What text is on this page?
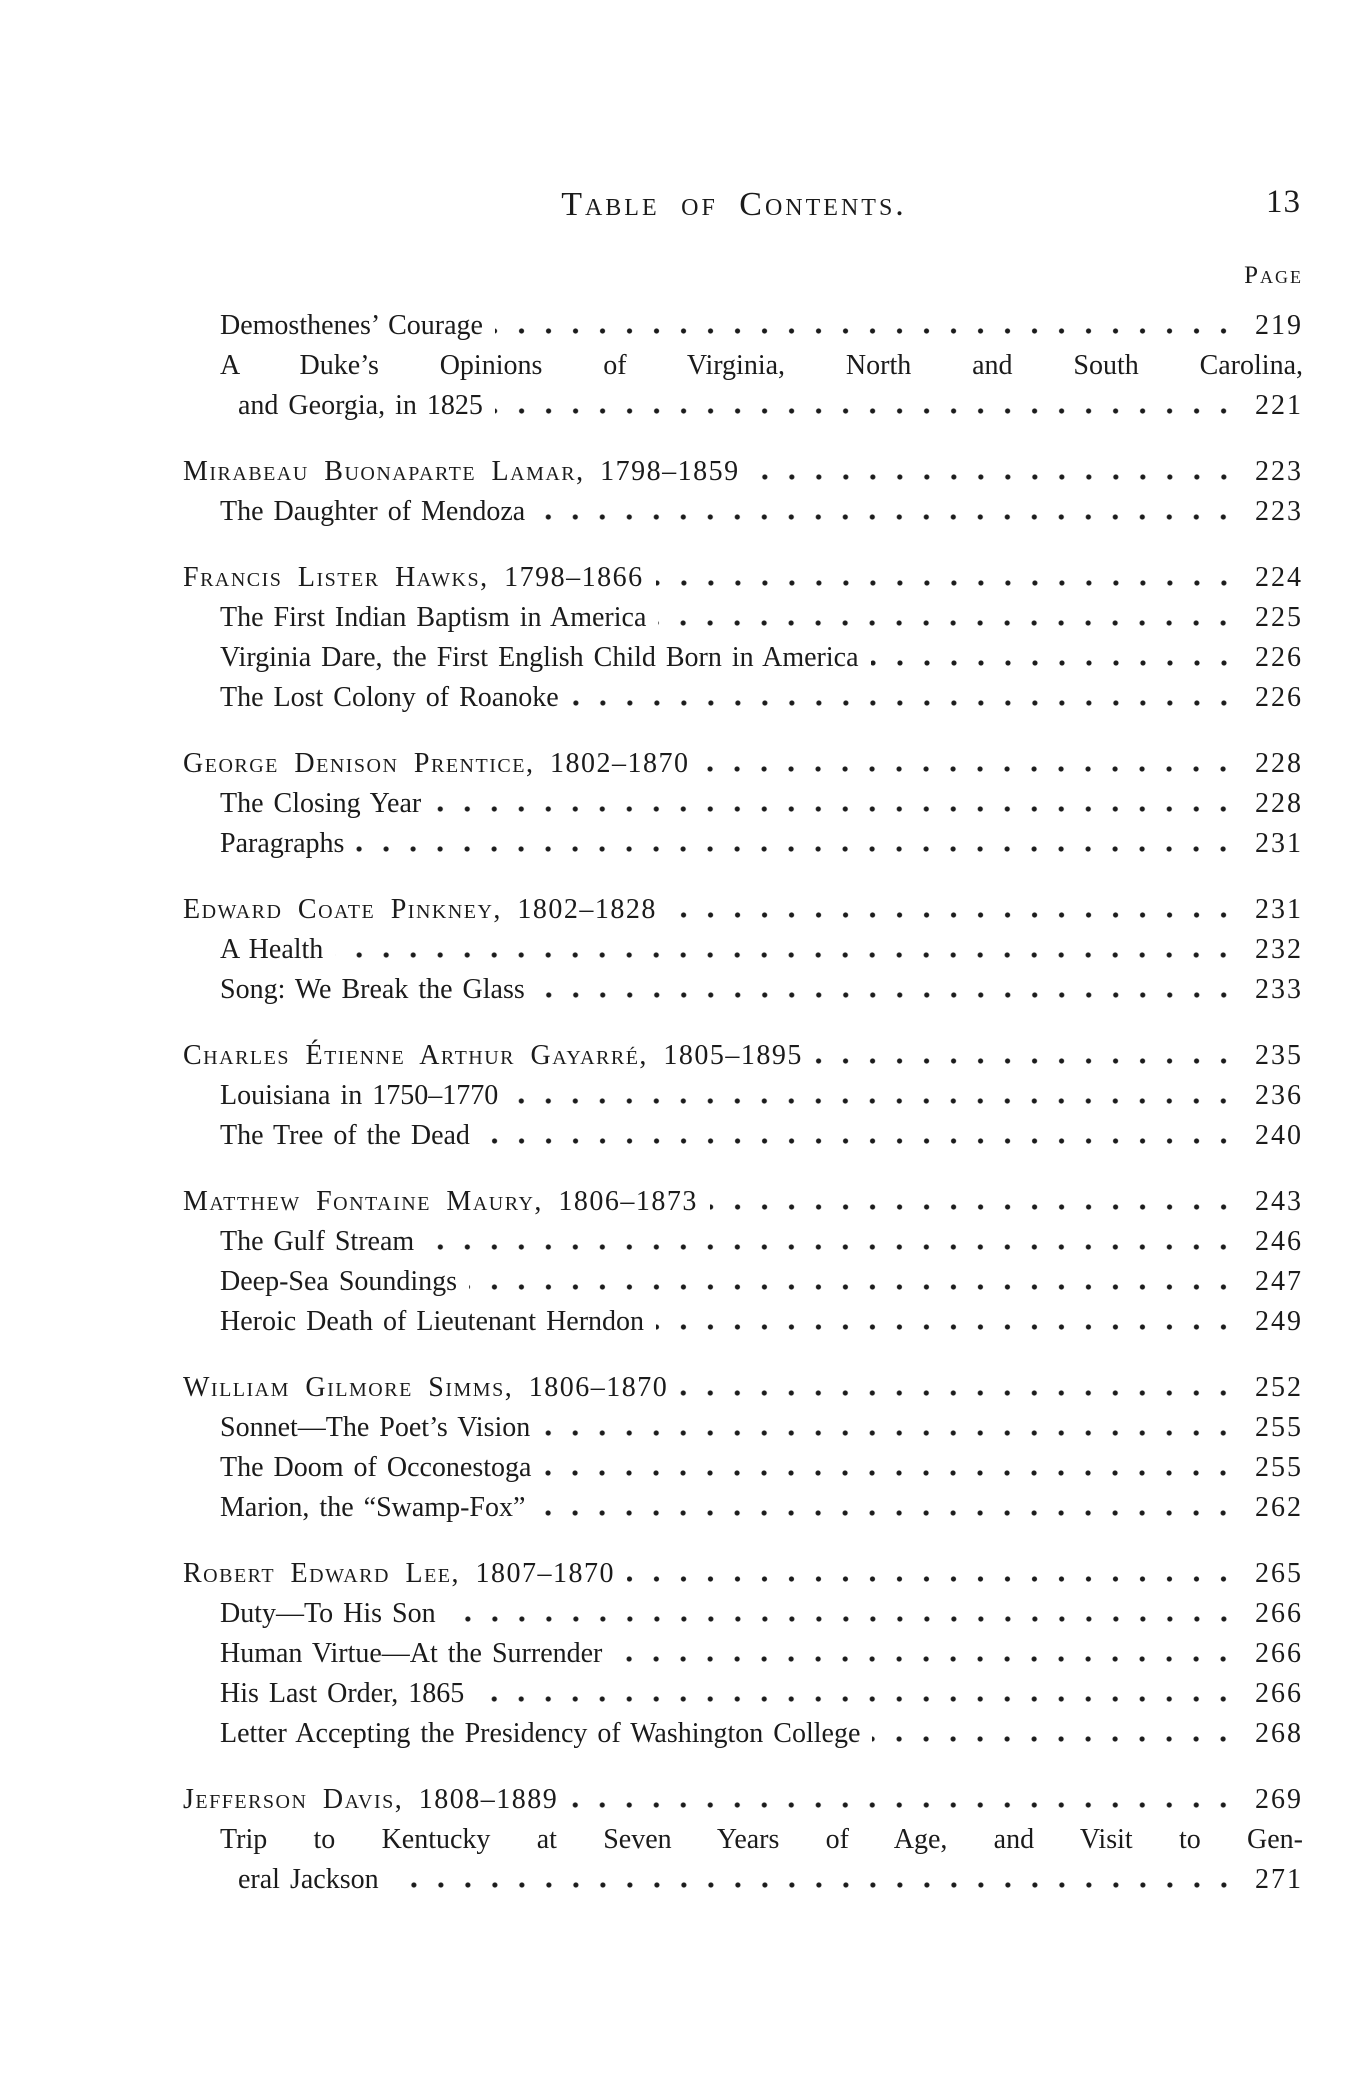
Table of Contents.	13
Page
Demosthenes’ Courage	219
A Duke’s Opinions of Virginia, North and South Carolina,
and Georgia, in 1825	221
Mirabeau Buonaparte Lamar, 1798–1859	223
The Daughter of Mendoza	223
Francis Lister Hawks, 1798–1866	224
The First Indian Baptism in America	225
Virginia Dare, the First English Child Born in America	226
The Lost Colony of Roanoke	226
George Denison Prentice, 1802–1870	228
The Closing Year	228
Paragraphs	231
Edward Coate Pinkney, 1802–1828	231
A Health	232
Song: We Break the Glass	233
Charles Étienne Arthur Gayarré, 1805–1895	235
Louisiana in 1750–1770	236
The Tree of the Dead	240
Matthew Fontaine Maury, 1806–1873	243
The Gulf Stream	246
Deep-Sea Soundings	247
Heroic Death of Lieutenant Herndon	249
William Gilmore Simms, 1806–1870	252
Sonnet—The Poet’s Vision	255
The Doom of Occonestoga	255
Marion, the “Swamp-Fox”	262
Robert Edward Lee, 1807–1870	265
Duty—To His Son	266
Human Virtue—At the Surrender	266
His Last Order, 1865	266
Letter Accepting the Presidency of Washington College	268
Jefferson Davis, 1808–1889	269
Trip to Kentucky at Seven Years of Age, and Visit to Gen-
eral Jackson	271
